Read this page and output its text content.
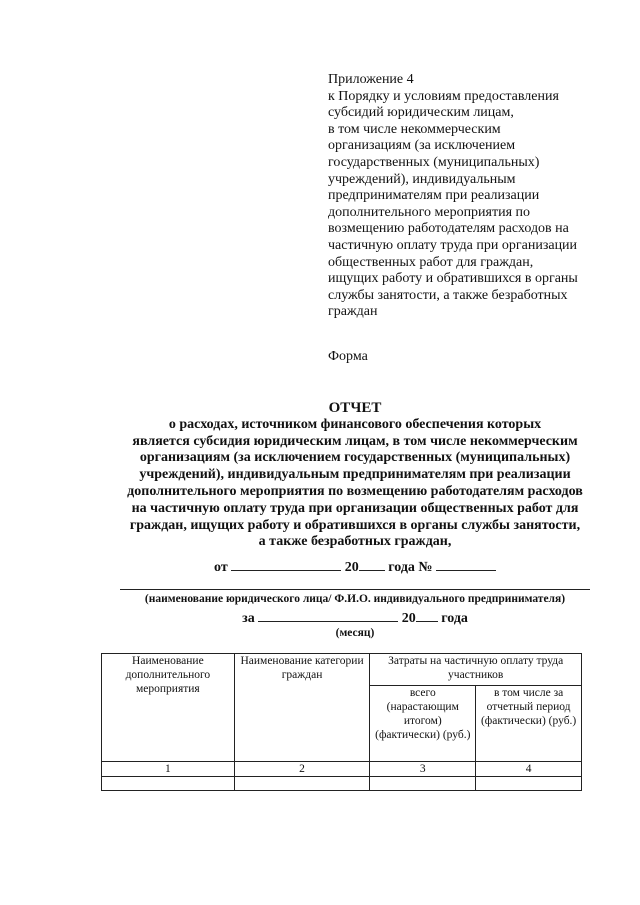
Приложение 4
к Порядку и условиям предоставления
субсидий юридическим лицам,
в том числе некоммерческим
организациям (за исключением
государственных (муниципальных)
учреждений), индивидуальным
предпринимателям при реализации
дополнительного мероприятия по
возмещению работодателям расходов на
частичную оплату труда при организации
общественных работ для граждан,
ищущих работу и обратившихся в органы
службы занятости, а также безработных
граждан
Форма
ОТЧЕТ
о расходах, источником финансового обеспечения которых
является субсидия юридическим лицам, в том числе некоммерческим
организациям (за исключением государственных (муниципальных)
учреждений), индивидуальным предпринимателям при реализации
дополнительного мероприятия по возмещению работодателям расходов
на частичную оплату труда при организации общественных работ для
граждан, ищущих работу и обратившихся в органы службы занятости,
а также безработных граждан,
от	20 года №
(наименование юридического лица/ Ф.И.О. индивидуального предпринимателя)
за	20 года
(месяц)
Наименование дополнительного мероприятия	Наименование категории граждан	Затраты на частичную оплату труда участников	
		всего (нарастающим итогом) (фактически) (руб.)	в том числе за отчетный период (фактически) (руб.)
1	2	3	4
